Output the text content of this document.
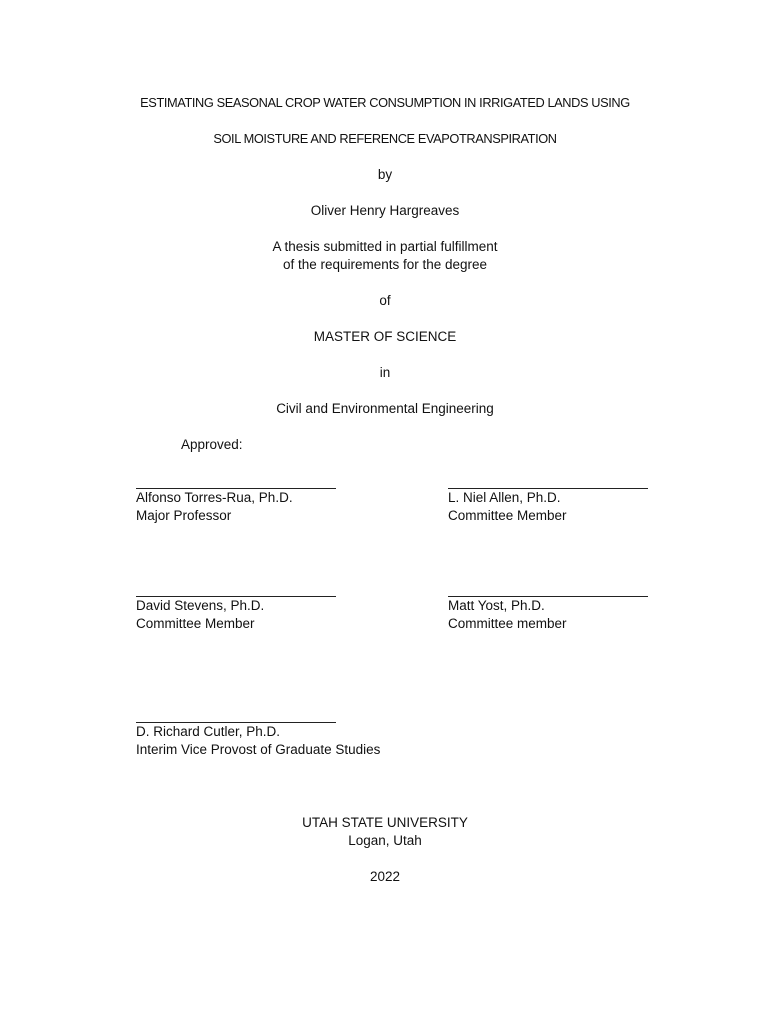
ESTIMATING SEASONAL CROP WATER CONSUMPTION IN IRRIGATED LANDS USING
SOIL MOISTURE AND REFERENCE EVAPOTRANSPIRATION
by
Oliver Henry Hargreaves
A thesis submitted in partial fulfillment
of the requirements for the degree
of
MASTER OF SCIENCE
in
Civil and Environmental Engineering
Approved:
Alfonso Torres-Rua, Ph.D.
Major Professor
L. Niel Allen, Ph.D.
Committee Member
David Stevens, Ph.D.
Committee Member
Matt Yost, Ph.D.
Committee member
D. Richard Cutler, Ph.D.
Interim Vice Provost of Graduate Studies
UTAH STATE UNIVERSITY
Logan, Utah
2022
